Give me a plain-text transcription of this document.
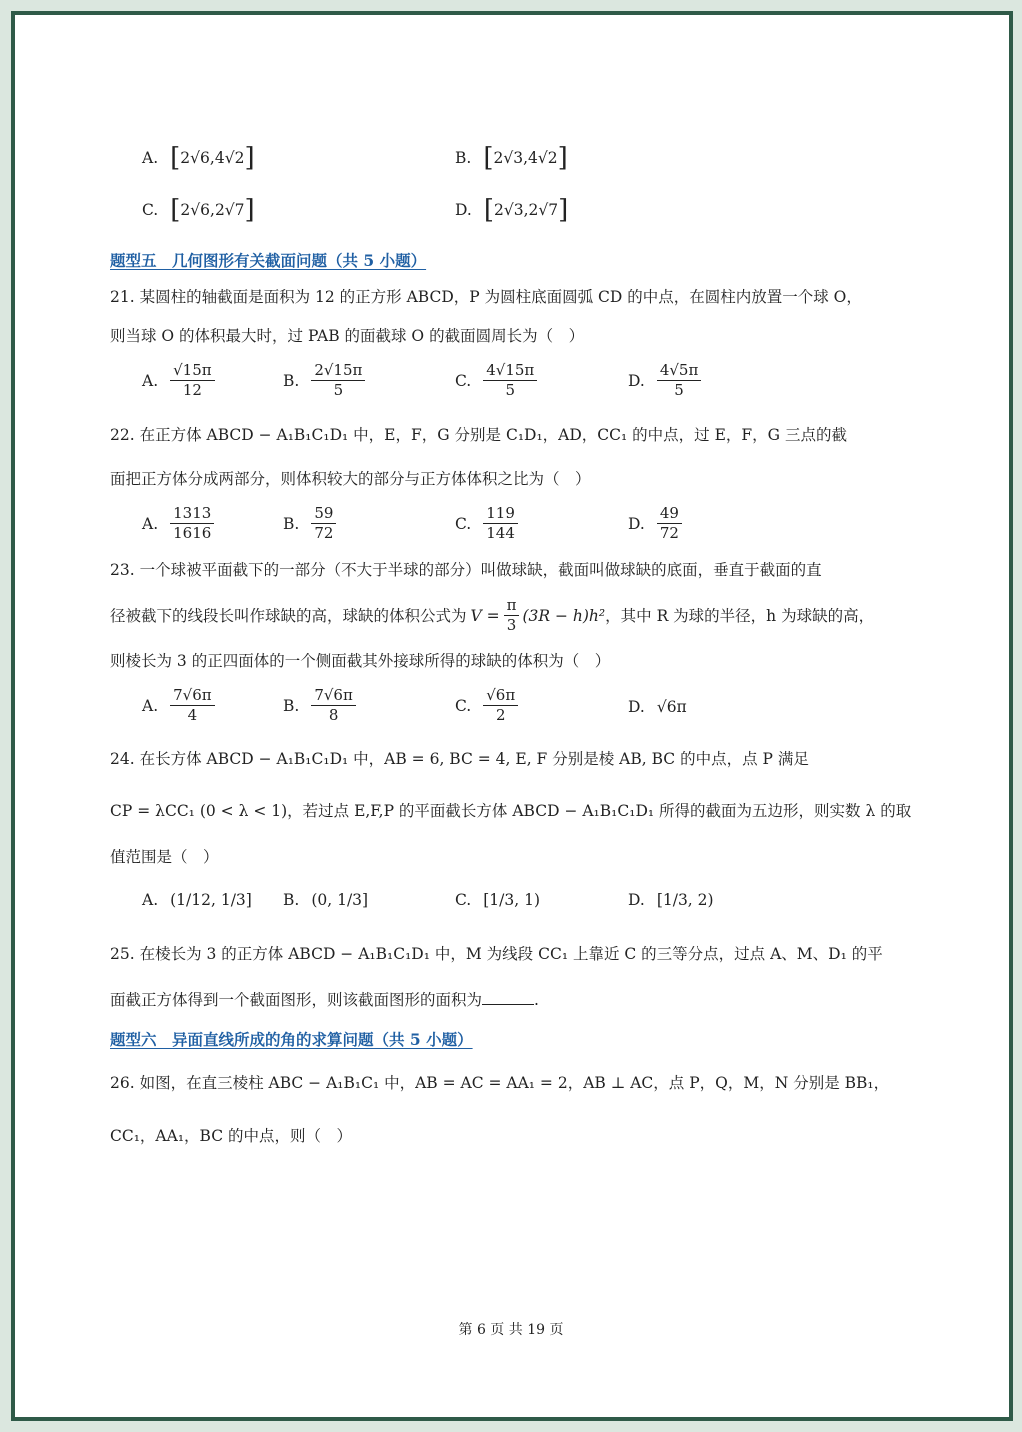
A. [ 2√6 , 4√2 ]	B. [ 2√3 , 4√2 ]
C. [ 2√6 , 2√7 ]	D. [ 2√3 , 2√7 ]
题型五　几何图形有关截面问题（共 5 小题）
21. 某圆柱的轴截面是面积为 12 的正方形 ABCD，P 为圆柱底面圆弧 CD 的中点，在圆柱内放置一个球 O，
则当球 O 的体积最大时，过 PAB 的面截球 O 的截面圆周长为（　）
A. $\frac{√15\pi}{12}$	B. $\frac{2√15\pi}{5}$	C. $\frac{4√15\pi}{5}$	D. $\frac{4√5\pi}{5}$
22. 在正方体 ABCD − A₁B₁C₁D₁ 中，E，F，G 分别是 C₁D₁，AD，CC₁ 的中点，过 E，F，G 三点的截
面把正方体分成两部分，则体积较大的部分与正方体体积之比为（　）
A. $\frac{1313}{1616}$	B. $\frac{59}{72}$	C. $\frac{119}{144}$	D. $\frac{49}{72}$
23. 一个球被平面截下的一部分（不大于半球的部分）叫做球缺，截面叫做球缺的底面，垂直于截面的直
径被截下的线段长叫作球缺的高，球缺的体积公式为 $V = \frac{\pi}{3} (3R - h)h^2$ ，其中 R 为球的半径，h 为球缺的高，
则棱长为 3 的正四面体的一个侧面截其外接球所得的球缺的体积为（　）
A. $\frac{7√6\pi}{4}$	B. $\frac{7√6\pi}{8}$	C. $\frac{√6\pi}{2}$	D. √6π
24. 在长方体 ABCD − A₁B₁C₁D₁ 中，AB = 6, BC = 4, E, F 分别是棱 AB, BC 的中点，点 P 满足
CP = λCC₁ (0 < λ < 1)，若过点 E,F,P 的平面截长方体 ABCD − A₁B₁C₁D₁ 所得的截面为五边形，则实数 λ 的取
值范围是（　）
A. (1/12, 1/3] B. (0, 1/3]	C. [1/3, 1)	D. [1/3, 2)
25. 在棱长为 3 的正方体 ABCD − A₁B₁C₁D₁ 中，M 为线段 CC₁ 上靠近 C 的三等分点，过点 A、M、D₁ 的平
面截正方体得到一个截面图形，则该截面图形的面积为	.
题型六　异面直线所成的角的求算问题（共 5 小题）
26. 如图，在直三棱柱 ABC − A₁B₁C₁ 中，AB = AC = AA₁ = 2，AB ⊥ AC，点 P，Q，M，N 分别是 BB₁，
CC₁，AA₁，BC 的中点，则（　）
第 6 页 共 19 页
